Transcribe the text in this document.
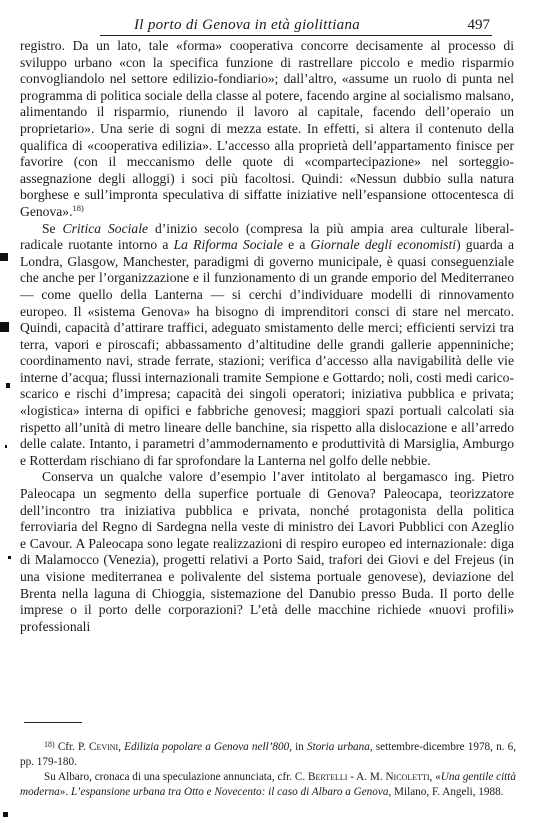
Il porto di Genova in età giolittiana	497

registro. Da un lato, tale «forma» cooperativa concorre decisamente al processo di sviluppo urbano «con la specifica funzione di rastrellare piccolo e medio risparmio convogliandolo nel settore edilizio-fondiario»; dall’altro, «assume un ruolo di punta nel programma di politica sociale della classe al potere, facendo argine al socialismo malsano, alimentando il risparmio, riunendo il lavoro al capitale, facendo dell’operaio un proprietario». Una serie di sogni di mezza estate. In effetti, si altera il contenuto della qualifica di «cooperativa edilizia». L’accesso alla proprietà dell’appartamento finisce per favorire (con il meccanismo delle quote di «compartecipazione» nel sorteggio-assegnazione degli alloggi) i soci più facoltosi. Quindi: «Nessun dubbio sulla natura borghese e sull’impronta speculativa di siffatte iniziative nell’espansione ottocentesca di Genova».$^{18)}$

Se Critica Sociale d’inizio secolo (compresa la più ampia area culturale liberal-radicale ruotante intorno a La Riforma Sociale e a Giornale degli economisti) guarda a Londra, Glasgow, Manchester, paradigmi di governo municipale, è quasi conseguenziale che anche per l’organizzazione e il funzionamento di un grande emporio del Mediterraneo — come quello della Lanterna — si cerchi d’individuare modelli di rinnovamento europeo. Il «sistema Genova» ha bisogno di imprenditori consci di stare nel mercato. Quindi, capacità d’attirare traffici, adeguato smistamento delle merci; efficienti servizi tra terra, vapori e piroscafi; abbassamento d’altitudine delle grandi gallerie appenniniche; coordinamento navi, strade ferrate, stazioni; verifica d’accesso alla navigabilità delle vie interne d’acqua; flussi internazionali tramite Sempione e Gottardo; noli, costi medi carico-scarico e rischi d’impresa; capacità dei singoli operatori; iniziativa pubblica e privata; «logistica» interna di opifici e fabbriche genovesi; maggiori spazi portuali calcolati sia rispetto all’unità di metro lineare delle banchine, sia rispetto alla dislocazione e all’arredo delle calate. Intanto, i parametri d’ammodernamento e produttività di Marsiglia, Amburgo e Rotterdam rischiano di far sprofondare la Lanterna nel golfo delle nebbie.

Conserva un qualche valore d’esempio l’aver intitolato al bergamasco ing. Pietro Paleocapa un segmento della superfice portuale di Genova? Paleocapa, teorizzatore dell’incontro tra iniziativa pubblica e privata, nonché protagonista della politica ferroviaria del Regno di Sardegna nella veste di ministro dei Lavori Pubblici con Azeglio e Cavour. A Paleocapa sono legate realizzazioni di respiro europeo ed internazionale: diga di Malamocco (Venezia), progetti relativi a Porto Said, trafori dei Giovi e del Frejeus (in una visione mediterranea e polivalente del sistema portuale genovese), deviazione del Brenta nella laguna di Chioggia, sistemazione del Danubio presso Buda. Il porto delle imprese o il porto delle corporazioni? L’età delle macchine richiede «nuovi profili» professionali

$^{18)}$ Cfr. P. Cevini, Edilizia popolare a Genova nell’800, in Storia urbana, settembre-dicembre 1978, n. 6, pp. 179-180.

Su Albaro, cronaca di una speculazione annunciata, cfr. C. Bertelli - A. M. Nicoletti, «Una gentile città moderna». L’espansione urbana tra Otto e Novecento: il caso di Albaro a Genova, Milano, F. Angeli, 1988.
